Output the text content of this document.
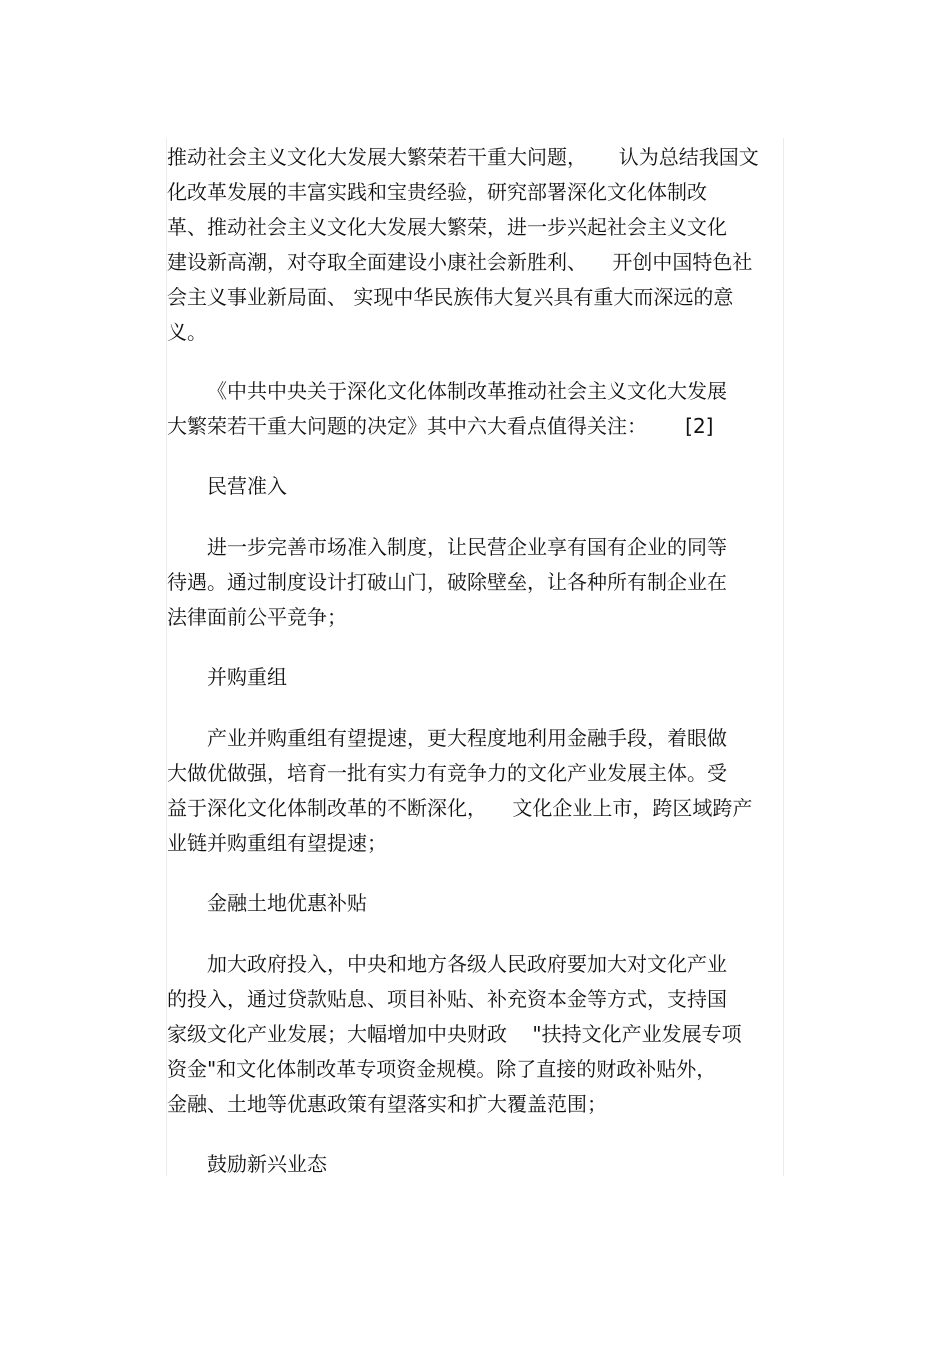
推动社会主义文化大发展大繁荣若干重大问题，     认为总结我国文
化改革发展的丰富实践和宝贵经验，研究部署深化文化体制改
革、推动社会主义文化大发展大繁荣，进一步兴起社会主义文化
建设新高潮，对夺取全面建设小康社会新胜利、    开创中国特色社
会主义事业新局面、 实现中华民族伟大复兴具有重大而深远的意
义。
《中共中央关于深化文化体制改革推动社会主义文化大发展
大繁荣若干重大问题的决定》其中六大看点值得关注：      [2]
民营准入
进一步完善市场准入制度，让民营企业享有国有企业的同等
待遇。通过制度设计打破山门，破除壁垒，让各种所有制企业在
法律面前公平竞争；
并购重组
产业并购重组有望提速，更大程度地利用金融手段，着眼做
大做优做强，培育一批有实力有竞争力的文化产业发展主体。受
益于深化文化体制改革的不断深化，    文化企业上市，跨区域跨产
业链并购重组有望提速；
金融土地优惠补贴
加大政府投入，中央和地方各级人民政府要加大对文化产业
的投入，通过贷款贴息、项目补贴、补充资本金等方式，支持国
家级文化产业发展；大幅增加中央财政    "扶持文化产业发展专项
资金"和文化体制改革专项资金规模。除了直接的财政补贴外，
金融、土地等优惠政策有望落实和扩大覆盖范围；
鼓励新兴业态
